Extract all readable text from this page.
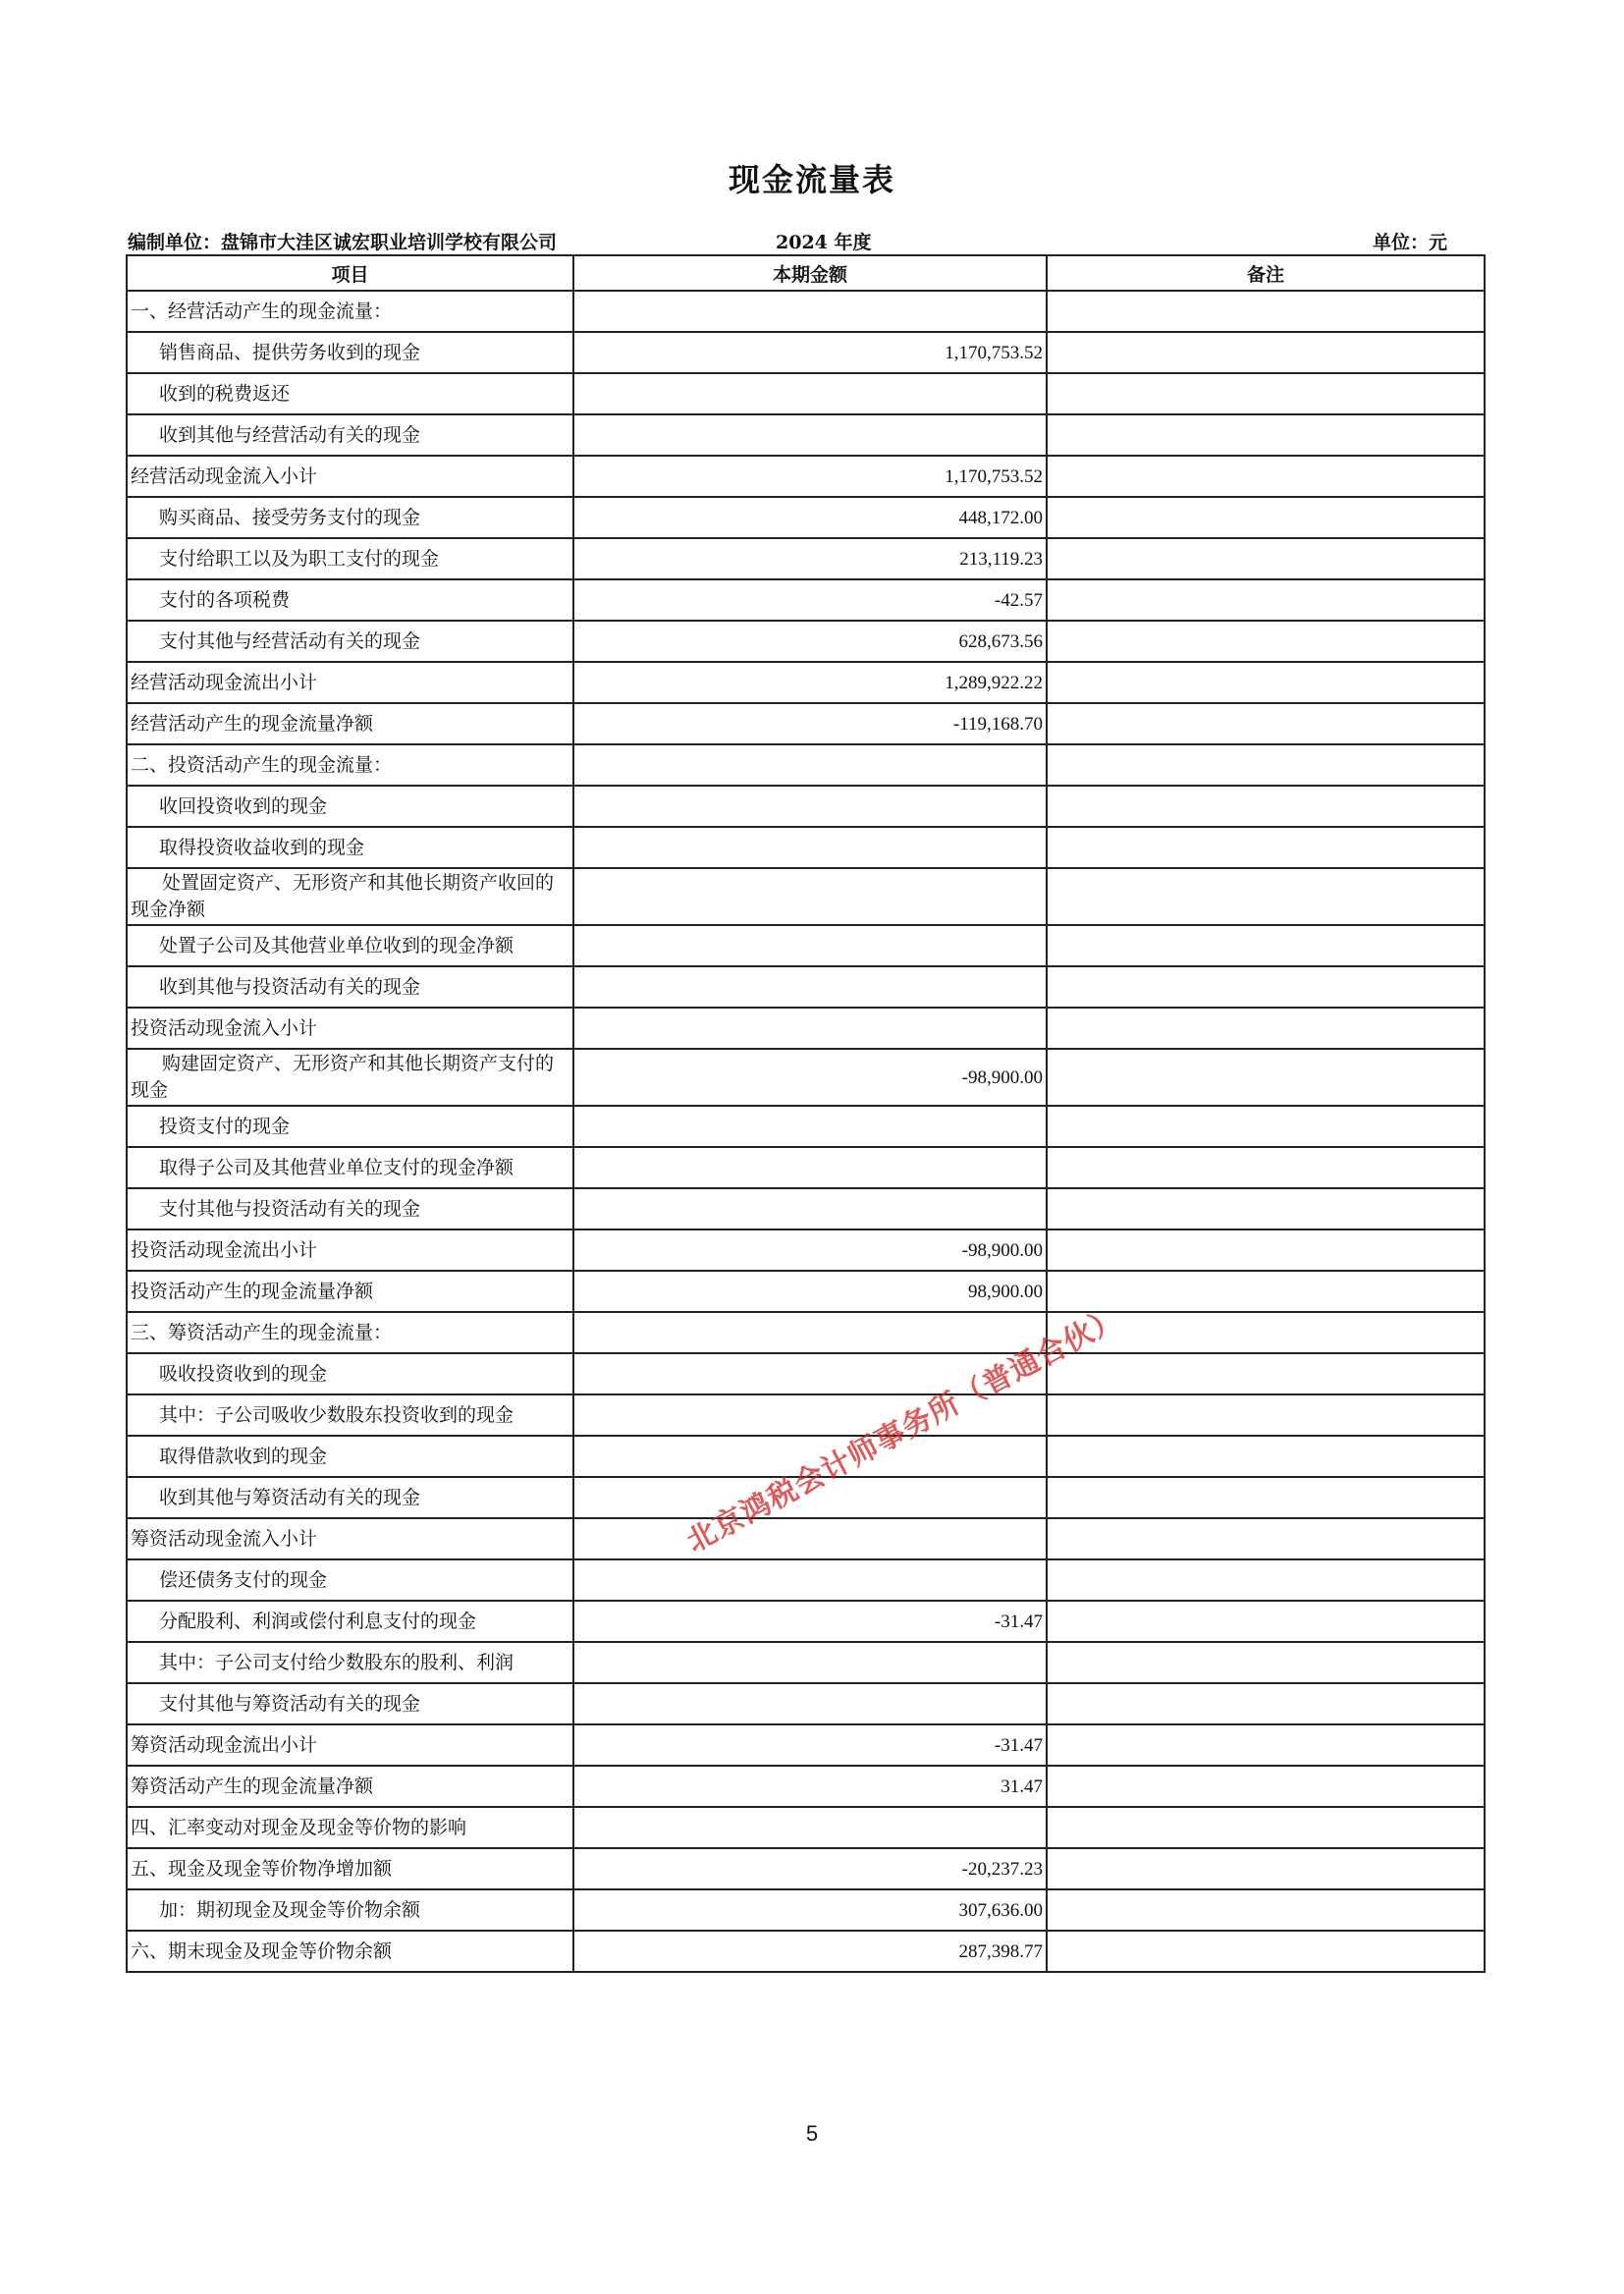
现金流量表
编制单位：盘锦市大洼区诚宏职业培训学校有限公司	2024 年度	单位：元
项目	本期金额	备注
一、经营活动产生的现金流量：		
销售商品、提供劳务收到的现金	1,170,753.52	
收到的税费返还		
收到其他与经营活动有关的现金		
经营活动现金流入小计	1,170,753.52	
购买商品、接受劳务支付的现金	448,172.00	
支付给职工以及为职工支付的现金	213,119.23	
支付的各项税费	-42.57	
支付其他与经营活动有关的现金	628,673.56	
经营活动现金流出小计	1,289,922.22	
经营活动产生的现金流量净额	-119,168.70	
二、投资活动产生的现金流量：		
收回投资收到的现金		
取得投资收益收到的现金		

处置固定资产、无形资产和其他长期资产收回的现金净额		

处置子公司及其他营业单位收到的现金净额		
收到其他与投资活动有关的现金		
投资活动现金流入小计		

购建固定资产、无形资产和其他长期资产支付的现金	-98,900.00	
投资支付的现金		
取得子公司及其他营业单位支付的现金净额		
支付其他与投资活动有关的现金		
投资活动现金流出小计	-98,900.00	
投资活动产生的现金流量净额	98,900.00	
三、筹资活动产生的现金流量：		
吸收投资收到的现金		
其中：子公司吸收少数股东投资收到的现金		
取得借款收到的现金		
收到其他与筹资活动有关的现金		
筹资活动现金流入小计		
偿还债务支付的现金		
分配股利、利润或偿付利息支付的现金	-31.47	
其中：子公司支付给少数股东的股利、利润		
支付其他与筹资活动有关的现金		
筹资活动现金流出小计	-31.47	
筹资活动产生的现金流量净额	31.47	
四、汇率变动对现金及现金等价物的影响		
五、现金及现金等价物净增加额	-20,237.23	
加：期初现金及现金等价物余额	307,636.00	
六、期末现金及现金等价物余额	287,398.77	
北京鸿税会计师事务所（普通合伙）
5
